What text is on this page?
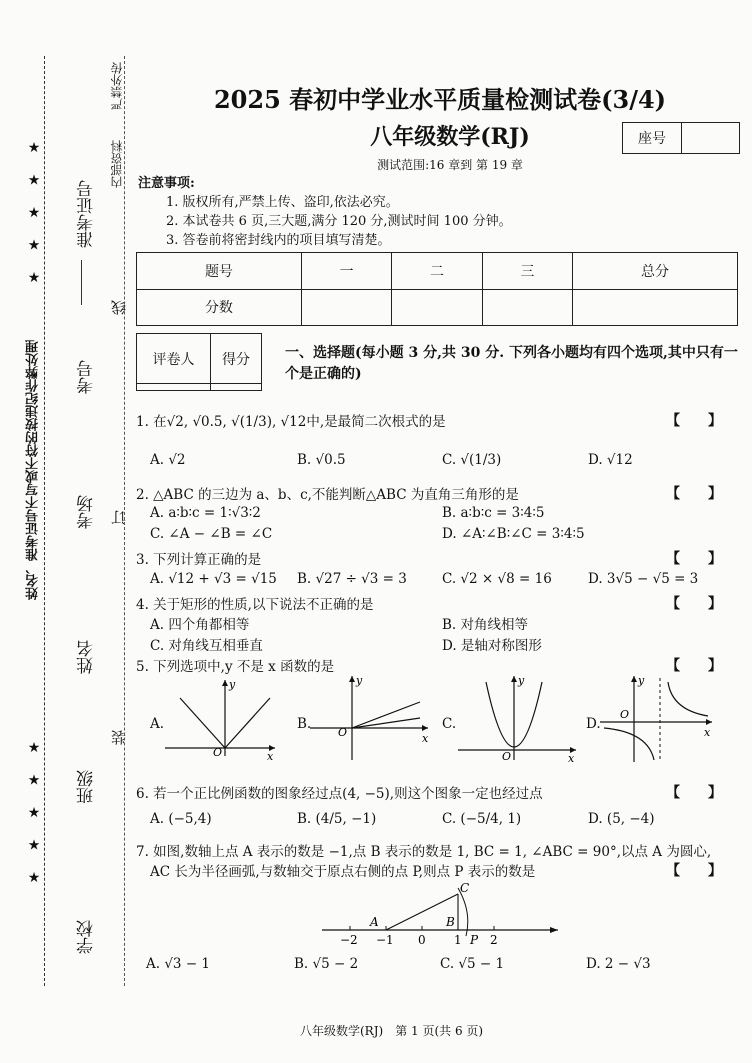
★ ★ ★ ★ ★
★ ★ ★ ★ ★
姓名、准考证号不写或不符的按违纪作弊处理
准考证号
考号
考场
姓名
班级
学校
线
订
装
严禁外传
内部资料
2025 春初中学业水平质量检测试卷(3/4)
八年级数学(RJ)
测试范围:16 章到 第 19 章
座号
注意事项:
1. 版权所有,严禁上传、盗印,依法必究。
2. 本试卷共 6 页,三大题,满分 120 分,测试时间 100 分钟。
3. 答卷前将密封线内的项目填写清楚。
题号	一	二	三	总分
分数				
评卷人	得分
		一、选择题(每小题 3 分,共 30 分. 下列各小题均有四个选项,其中只有一个是正确的)
1. 在√2, √0.5, √(1/3), √12中,是最简二次根式的是	【　　】
A. √2	B. √0.5	C. √(1/3)	D. √12
2. △ABC 的三边为 a、b、c,不能判断△ABC 为直角三角形的是	【　　】
A. a∶b∶c = 1∶√3∶2	B. a∶b∶c = 3∶4∶5
C. ∠A − ∠B = ∠C	D. ∠A∶∠B∶∠C = 3∶4∶5
3. 下列计算正确的是	【　　】
A. √12 + √3 = √15 B. √27 ÷ √3 = 3	C. √2 × √8 = 16	D. 3√5 − √5 = 3
4. 关于矩形的性质,以下说法不正确的是	【　　】
A. 四个角都相等	B. 对角线相等
C. 对角线互相垂直	D. 是轴对称图形
5. 下列选项中,y 不是 x 函数的是	【　　】
A.	B.	C.	D.
O
y
x
O
y
x
O
y
x
O
y
x
6. 若一个正比例函数的图象经过点(4, −5),则这个图象一定也经过点	【　　】
A. (−5,4)	B. (4/5, −1)	C. (−5/4, 1)	D. (5, −4)
7. 如图,数轴上点 A 表示的数是 −1,点 B 表示的数是 1, BC = 1, ∠ABC = 90°,以点 A 为圆心,
AC 长为半径画弧,与数轴交于原点右侧的点 P,则点 P 表示的数是	【　　】
−2 −1 0 1 2
A	B
C
P
A. √3 − 1	B. √5 − 2	C. √5 − 1	D. 2 − √3
八年级数学(RJ)　第 1 页(共 6 页)
